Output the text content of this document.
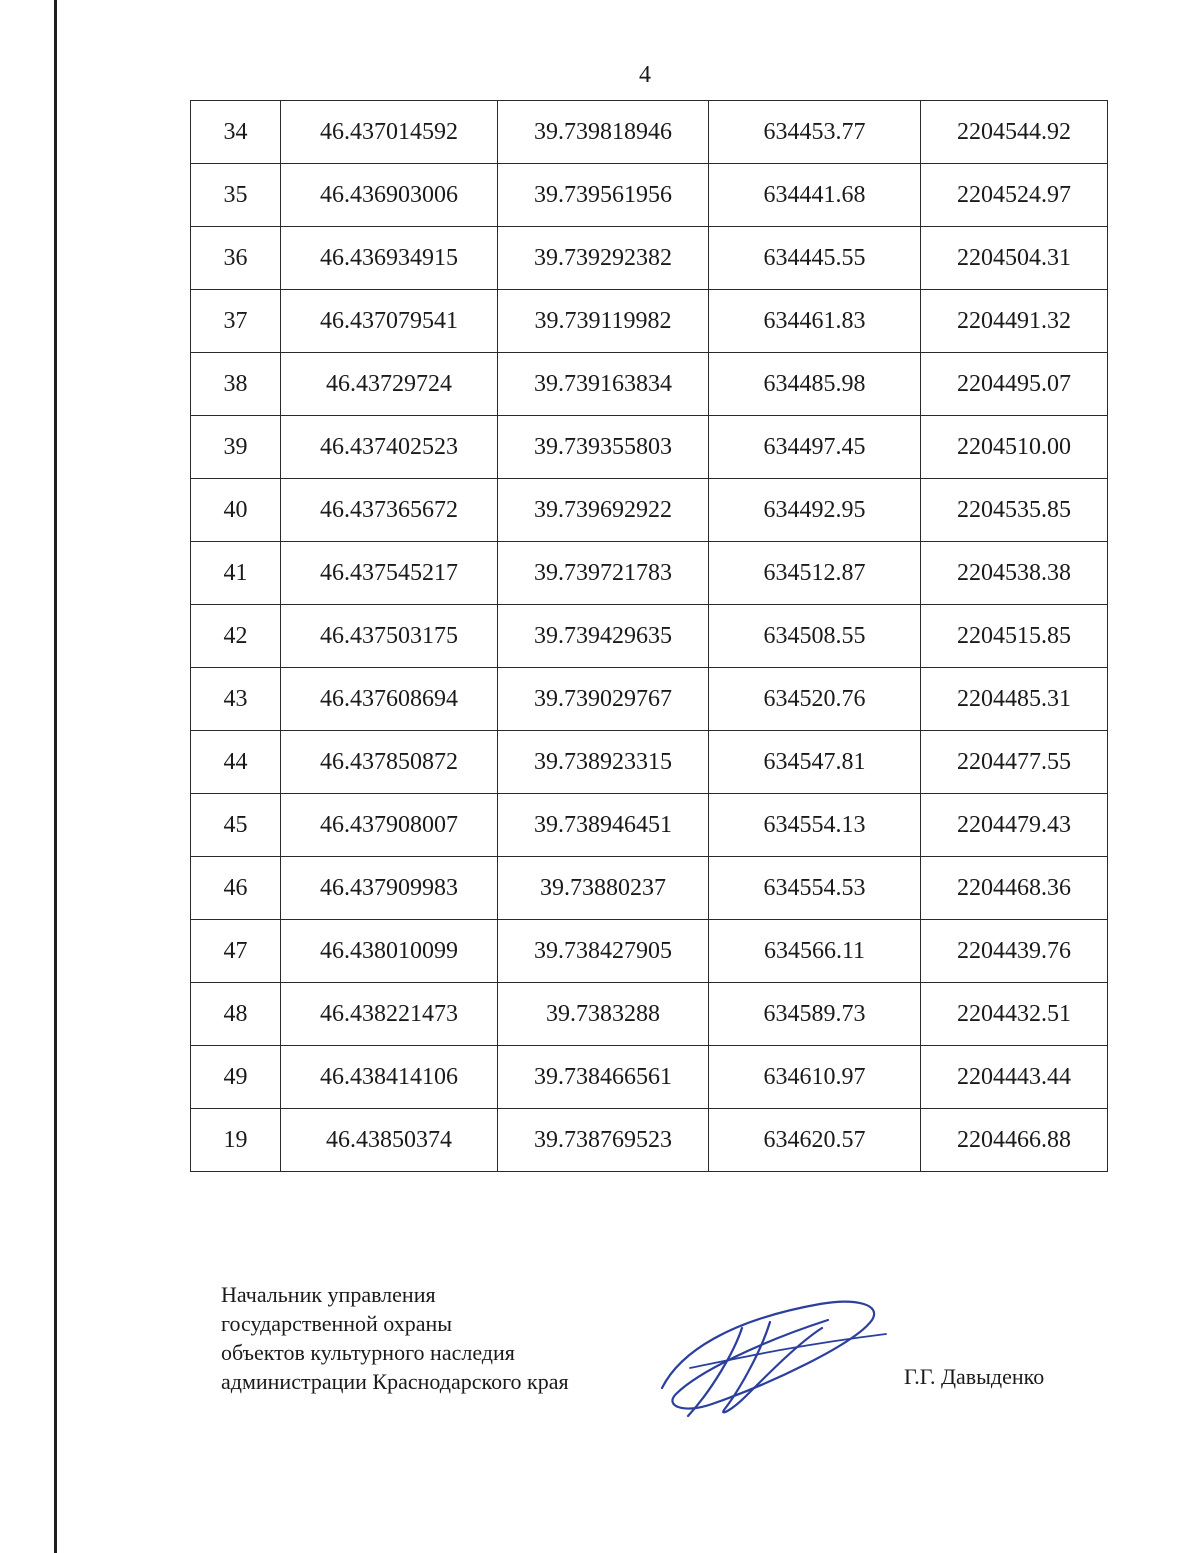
4
34	46.437014592	39.739818946	634453.77	2204544.92
35	46.436903006	39.739561956	634441.68	2204524.97
36	46.436934915	39.739292382	634445.55	2204504.31
37	46.437079541	39.739119982	634461.83	2204491.32
38	46.43729724	39.739163834	634485.98	2204495.07
39	46.437402523	39.739355803	634497.45	2204510.00
40	46.437365672	39.739692922	634492.95	2204535.85
41	46.437545217	39.739721783	634512.87	2204538.38
42	46.437503175	39.739429635	634508.55	2204515.85
43	46.437608694	39.739029767	634520.76	2204485.31
44	46.437850872	39.738923315	634547.81	2204477.55
45	46.437908007	39.738946451	634554.13	2204479.43
46	46.437909983	39.73880237	634554.53	2204468.36
47	46.438010099	39.738427905	634566.11	2204439.76
48	46.438221473	39.7383288	634589.73	2204432.51
49	46.438414106	39.738466561	634610.97	2204443.44
19	46.43850374	39.738769523	634620.57	2204466.88
Начальник управления
государственной охраны
объектов культурного наследия
администрации Краснодарского края	Г.Г. Давыденко
